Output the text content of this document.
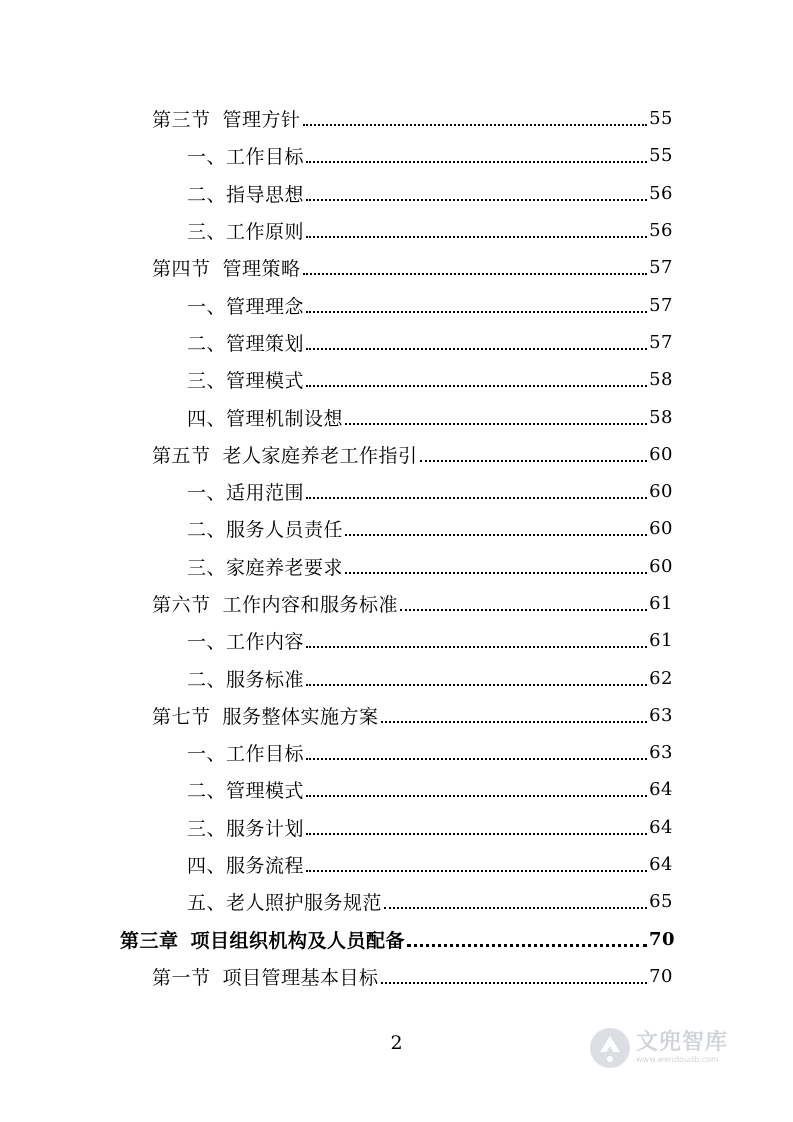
第三节 管理方针	55
一、工作目标	55
二、指导思想	56
三、工作原则	56
第四节 管理策略	57
一、管理理念	57
二、管理策划	57
三、管理模式	58
四、管理机制设想	58
第五节 老人家庭养老工作指引	60
一、适用范围	60
二、服务人员责任	60
三、家庭养老要求	60
第六节 工作内容和服务标准	61
一、工作内容	61
二、服务标准	62
第七节 服务整体实施方案	63
一、工作目标	63
二、管理模式	64
三、服务计划	64
四、服务流程	64
五、老人照护服务规范	65
第三章 项目组织机构及人员配备	70
第一节 项目管理基本目标	70
2	文兜智库
www.wendoudb.com
